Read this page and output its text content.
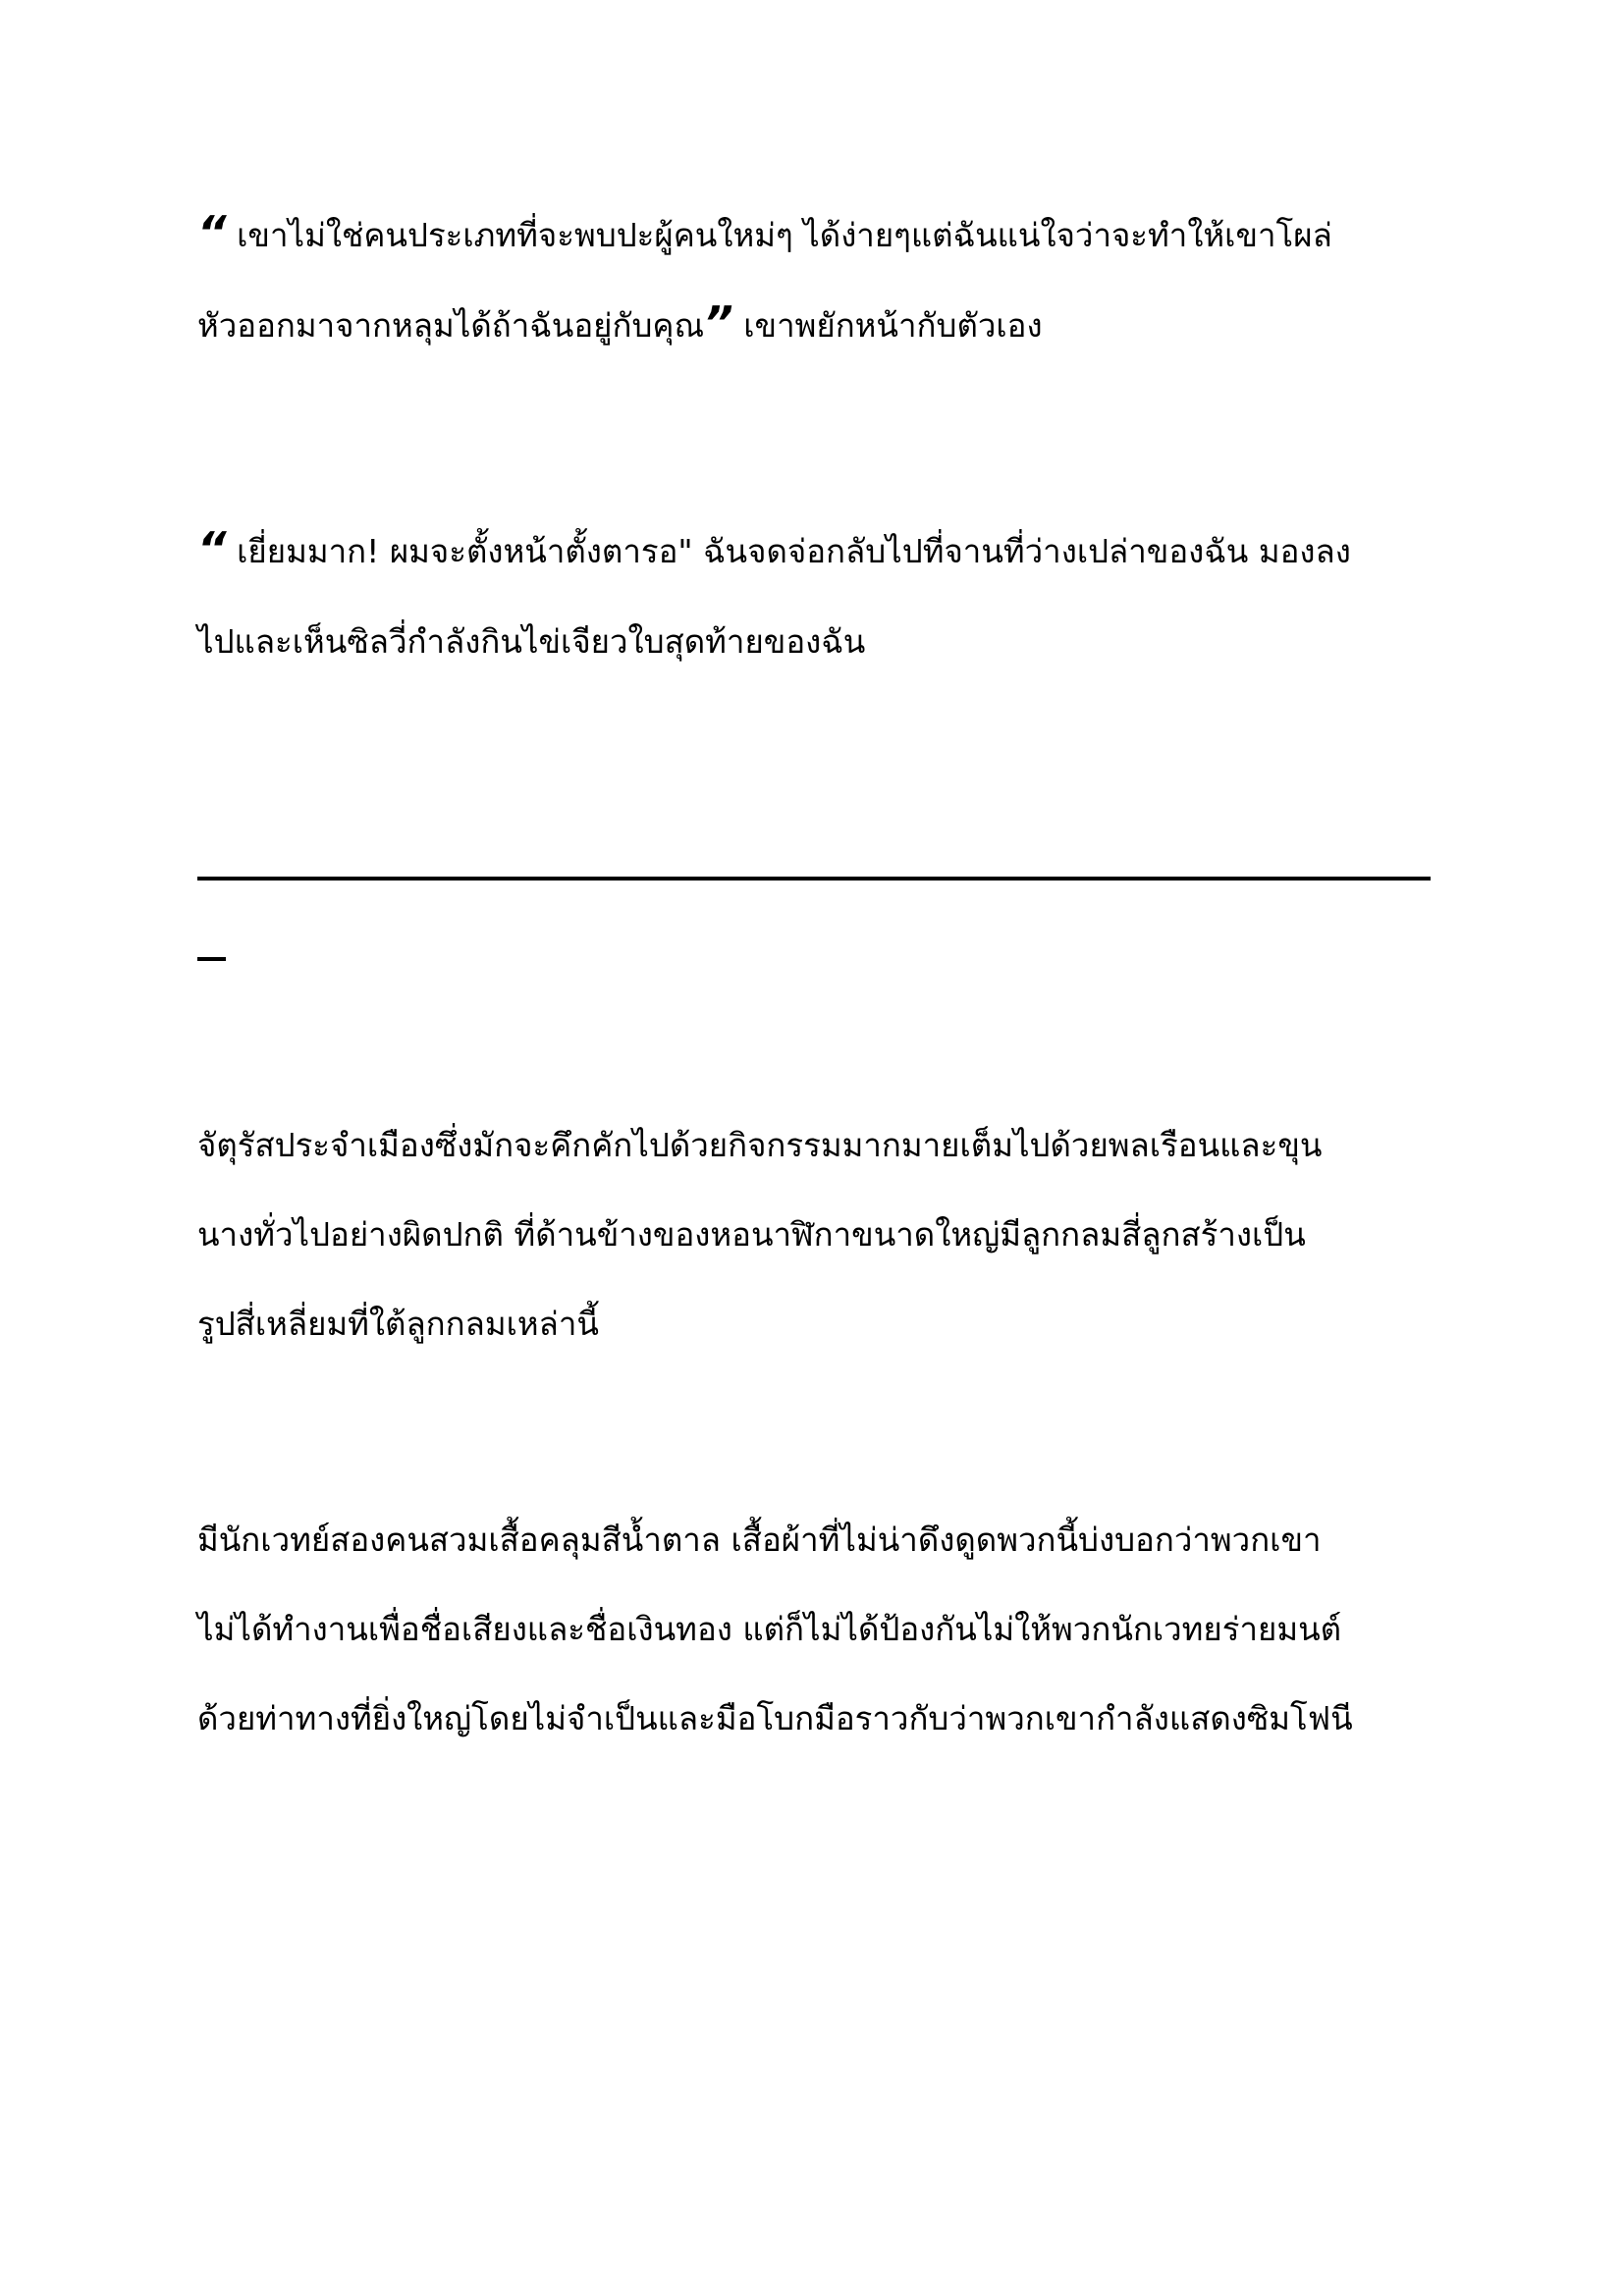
“ เขาไม่ใช่คนประเภทที่จะพบปะผู้คนใหม่ๆ ได้ง่ายๆแต่ฉันแน่ใจว่าจะทำให้เขาโผล่
หัวออกมาจากหลุมได้ถ้าฉันอยู่กับคุณ” เขาพยักหน้ากับตัวเอง
“ เยี่ยมมาก! ผมจะตั้งหน้าตั้งตารอ" ฉันจดจ่อกลับไปที่จานที่ว่างเปล่าของฉัน มองลง
ไปและเห็นซิลวี่กำลังกินไข่เจียวใบสุดท้ายของฉัน
จัตุรัสประจำเมืองซึ่งมักจะคึกคักไปด้วยกิจกรรมมากมายเต็มไปด้วยพลเรือนและขุน
นางทั่วไปอย่างผิดปกติ ที่ด้านข้างของหอนาฬิกาขนาดใหญ่มีลูกกลมสี่ลูกสร้างเป็น
รูปสี่เหลี่ยมที่ใต้ลูกกลมเหล่านี้
มีนักเวทย์สองคนสวมเสื้อคลุมสีน้ำตาล เสื้อผ้าที่ไม่น่าดึงดูดพวกนี้บ่งบอกว่าพวกเขา
ไม่ได้ทำงานเพื่อชื่อเสียงและชื่อเงินทอง แต่ก็ไม่ได้ป้องกันไม่ให้พวกนักเวทยร่ายมนต์
ด้วยท่าทางที่ยิ่งใหญ่โดยไม่จำเป็นและมือโบกมือราวกับว่าพวกเขากำลังแสดงซิมโฟนี
